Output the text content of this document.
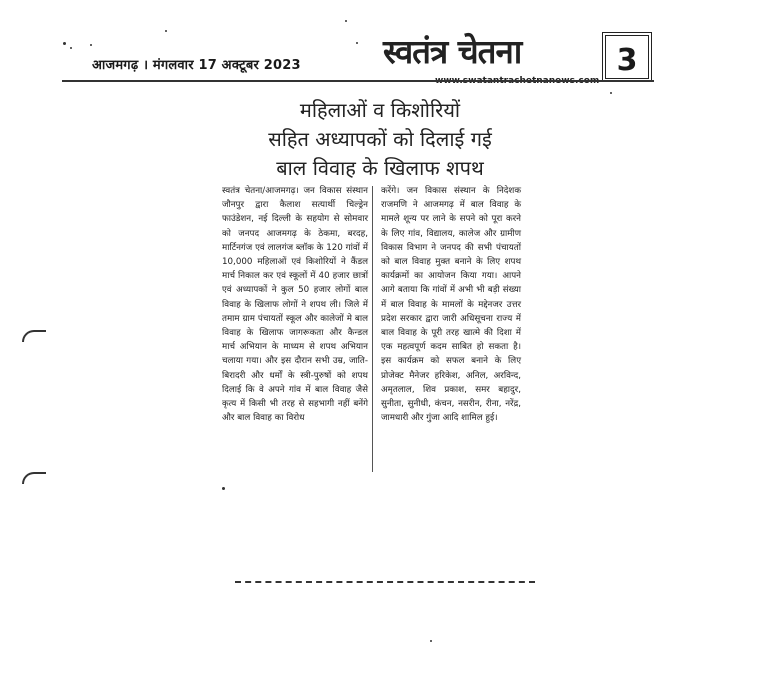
आजमगढ़ । मंगलवार 17 अक्टूबर 2023 स्वतंत्र चेतना	3
महिलाओं व किशोरियों
सहित अध्यापकों को दिलाई गई
बाल विवाह के खिलाफ शपथ
स्वतंत्र चेतना/आजमगढ़। जन विकास संस्थान जौनपुर द्वारा कैलाश सत्यार्थी चिल्ड्रेन फाउंडेशन, नई दिल्ली के सहयोग से सोमवार को जनपद आजमगढ़ के ठेकमा, बरदह, मार्टिनगंज एवं लालगंज ब्लॉक के 120 गांवों में 10,000 महिलाओं एवं किशोरियों ने कैंडल मार्च निकाल कर एवं स्कूलों में 40 हजार छात्रों एवं अध्यापकों ने कुल 50 हजार लोगों बाल विवाह के खिलाफ लोगों ने शपथ ली। जिले में तमाम ग्राम पंचायतों स्कूल और कालेजों मे बाल विवाह के खिलाफ जागरूकता और कैन्डल मार्च अभियान के माध्यम से शपथ अभियान चलाया गया। और इस दौरान सभी उम्र, जाति-बिरादरी और धर्मों के स्त्री-पुरुषों को शपथ दिलाई कि वे अपने गांव में बाल विवाह जैसे कृत्य में किसी भी तरह से सहभागी नहीं बनेंगे और बाल विवाह का विरोध
करेंगे। जन विकास संस्थान के निदेशक राजमणि ने आजमगढ़ में बाल विवाह के मामले शून्य पर लाने के सपने को पूरा करने के लिए गांव, विद्यालय, कालेज और ग्रामीण विकास विभाग ने जनपद की सभी पंचायतों को बाल विवाह मुक्त बनाने के लिए शपथ कार्यक्रमों का आयोजन किया गया। आपने आगे बताया कि गांवों में अभी भी बड़ी संख्या में बाल विवाह के मामलों के मद्देनजर उत्तर प्रदेश सरकार द्वारा जारी अधिसूचना राज्य में बाल विवाह के पूरी तरह खात्मे की दिशा में एक महत्वपूर्ण कदम साबित हो सकता है। इस कार्यक्रम को सफल बनाने के लिए प्रोजेक्ट मैनेजर हरिकेश, अनिल, अरविन्द, अमृतलाल, शिव प्रकाश, समर बहादुर, सुनीता, सुनीधी, कंचन, नसरीन, रीना, नरेंद्र, जामधारी और गुंजा आदि शामिल हुई।
